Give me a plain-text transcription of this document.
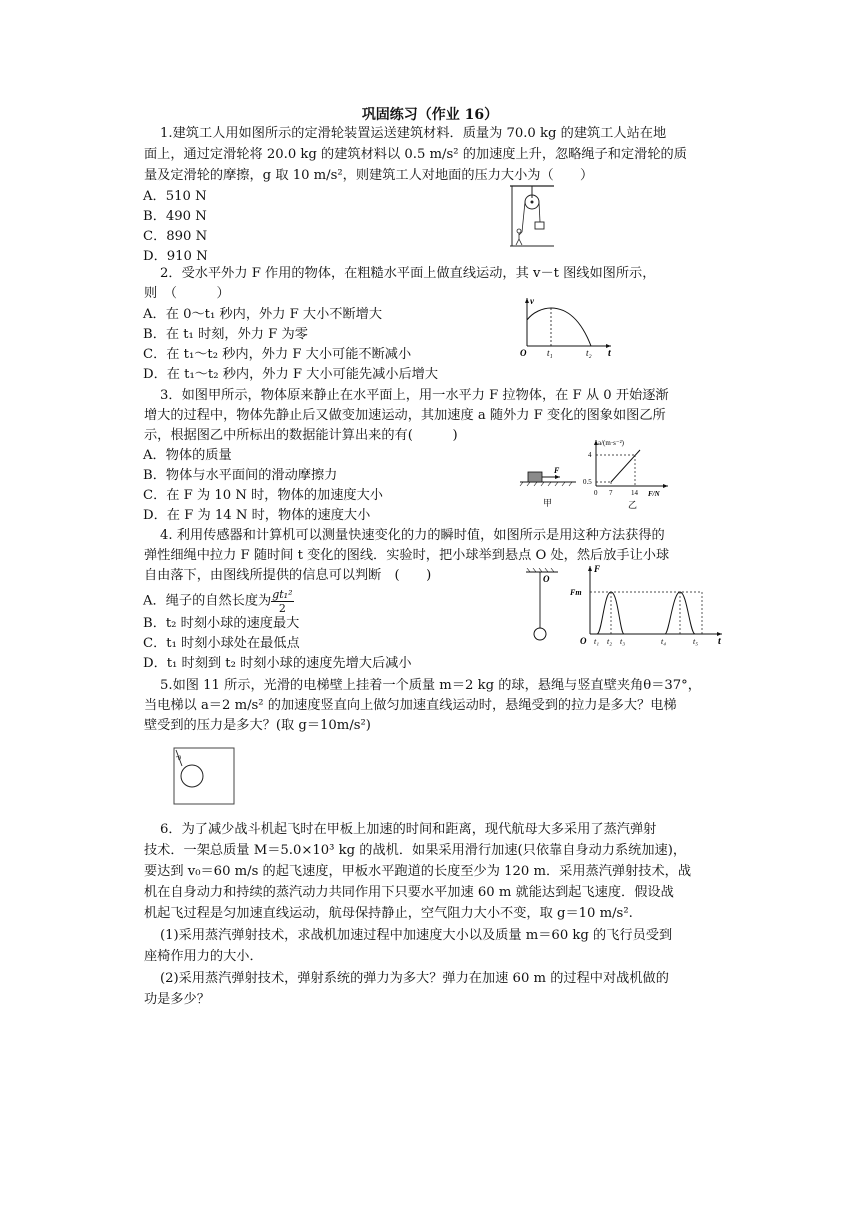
巩固练习（作业 16）
1.建筑工人用如图所示的定滑轮装置运送建筑材料．质量为 70.0 kg 的建筑工人站在地
面上，通过定滑轮将 20.0 kg 的建筑材料以 0.5 m/s² 的加速度上升，忽略绳子和定滑轮的质
量及定滑轮的摩擦，g 取 10 m/s²，则建筑工人对地面的压力大小为（　　）
A．510 N
B．490 N
C．890 N
D．910 N
2．受水平外力 F 作用的物体，在粗糙水平面上做直线运动，其 v－t 图线如图所示，
则　（　　　）
A．在 0～t₁ 秒内，外力 F 大小不断增大
B．在 t₁ 时刻，外力 F 为零
C．在 t₁～t₂ 秒内，外力 F 大小可能不断减小
D．在 t₁～t₂ 秒内，外力 F 大小可能先减小后增大
v
t
O t₁	t₂
3．如图甲所示，物体原来静止在水平面上，用一水平力 F 拉物体，在 F 从 0 开始逐渐
增大的过程中，物体先静止后又做变加速运动，其加速度 a 随外力 F 变化的图象如图乙所
示，根据图乙中所标出的数据能计算出来的有(　　　)
A．物体的质量
B．物体与水平面间的滑动摩擦力
C．在 F 为 10 N 时，物体的加速度大小
D．在 F 为 14 N 时，物体的速度大小
F
甲
a/(m·s⁻²)
F/N
4
0.5
0 7	14
乙
4. 利用传感器和计算机可以测量快速变化的力的瞬时值，如图所示是用这种方法获得的
弹性细绳中拉力 F 随时间 t 变化的图线．实验时，把小球举到悬点 O 处，然后放手让小球
自由落下，由图线所提供的信息可以判断　(　　)
A．绳子的自然长度为 $\frac{\text{gt₁²}}{2}$
B．t₂ 时刻小球的速度最大
C．t₁ 时刻小球处在最低点
D．t₁ 时刻到 t₂ 时刻小球的速度先增大后减小
O
F
t
O
Fm
t₁ t₂ t₃	t₄	t₅
5.如图 11 所示，光滑的电梯壁上挂着一个质量 m＝2 kg 的球，悬绳与竖直壁夹角θ＝37°，
当电梯以 a＝2 m/s² 的加速度竖直向上做匀加速直线运动时，悬绳受到的拉力是多大？电梯
壁受到的压力是多大？(取 g＝10m/s²)
θ
6．为了减少战斗机起飞时在甲板上加速的时间和距离，现代航母大多采用了蒸汽弹射
技术．一架总质量 M＝5.0×10³ kg 的战机．如果采用滑行加速(只依靠自身动力系统加速)，
要达到 v₀＝60 m/s 的起飞速度，甲板水平跑道的长度至少为 120 m．采用蒸汽弹射技术，战
机在自身动力和持续的蒸汽动力共同作用下只要水平加速 60 m 就能达到起飞速度．假设战
机起飞过程是匀加速直线运动，航母保持静止，空气阻力大小不变，取 g＝10 m/s².
(1)采用蒸汽弹射技术，求战机加速过程中加速度大小以及质量 m＝60 kg 的飞行员受到
座椅作用力的大小．
(2)采用蒸汽弹射技术，弹射系统的弹力为多大？弹力在加速 60 m 的过程中对战机做的
功是多少？
